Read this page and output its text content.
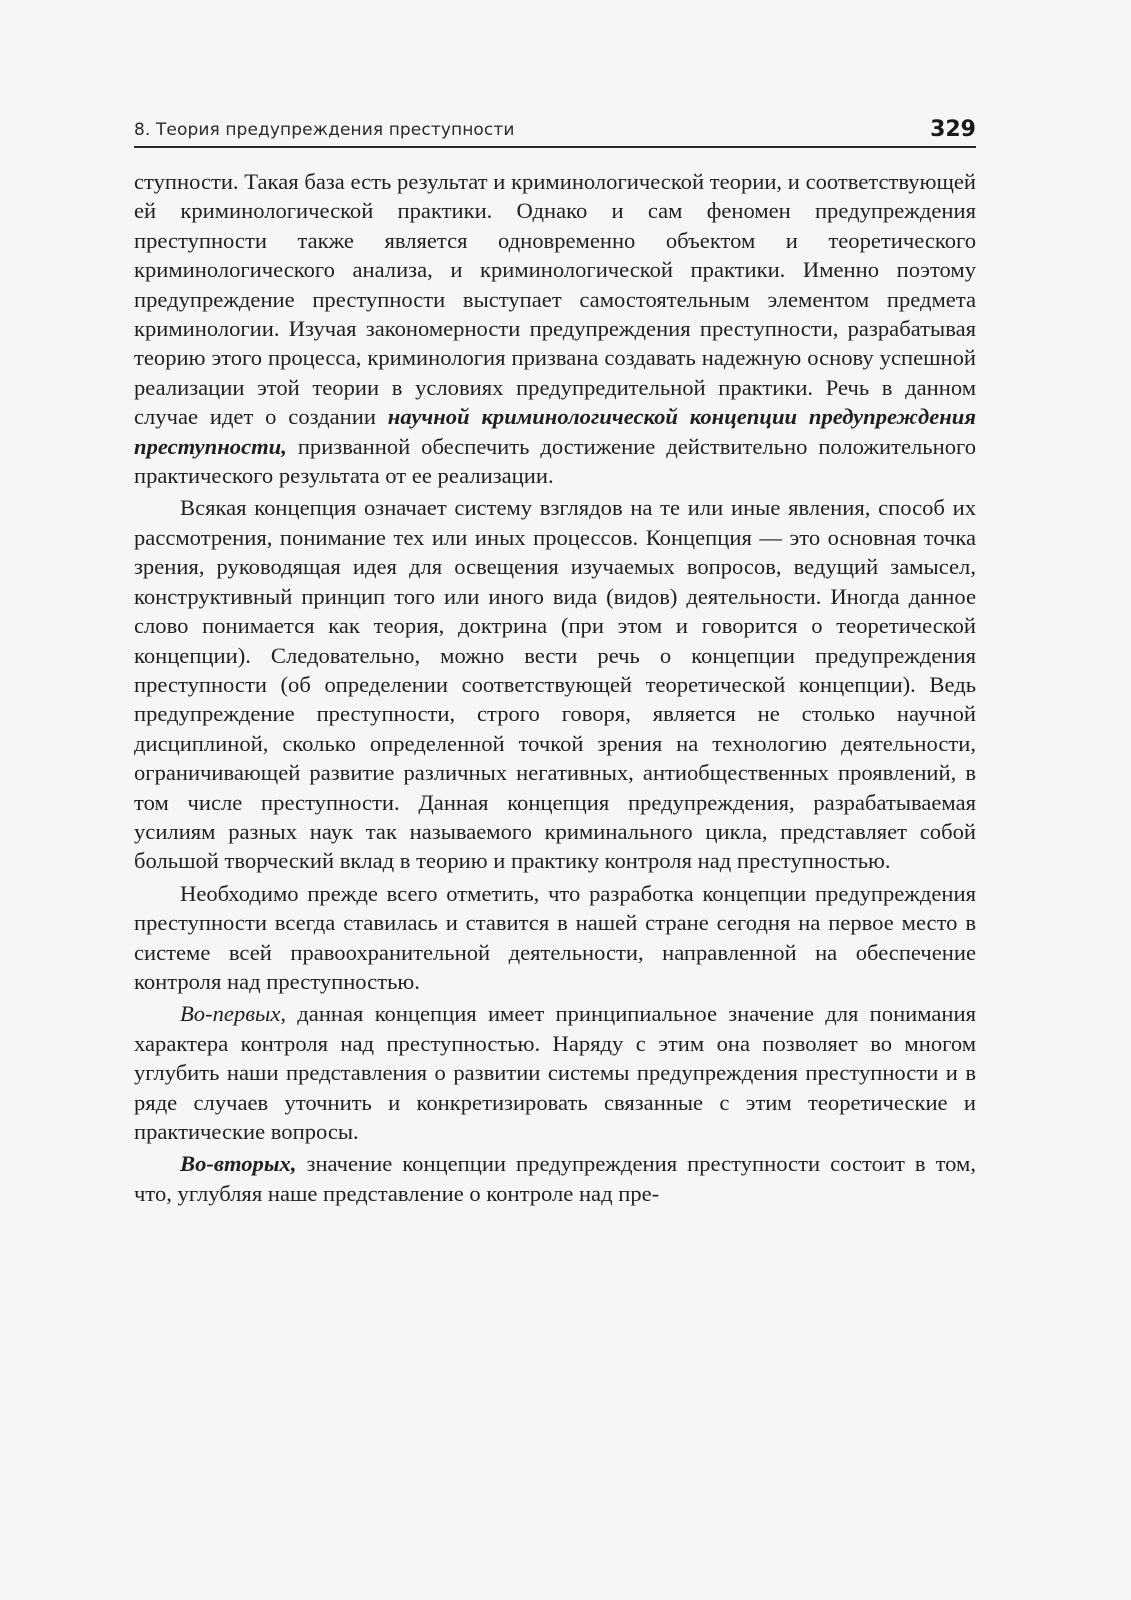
8. Теория предупреждения преступности	329

ступности. Такая база есть результат и криминологической теории, и соответствующей ей криминологической практики. Однако и сам феномен предупреждения преступности также является одновременно объектом и теоретического криминологического анализа, и криминологической практики. Именно поэтому предупреждение преступности выступает самостоятельным элементом предмета криминологии. Изучая закономерности предупреждения преступности, разрабатывая теорию этого процесса, криминология призвана создавать надежную основу успешной реализации этой теории в условиях предупредительной практики. Речь в данном случае идет о создании научной криминологической концепции предупреждения преступности, призванной обеспечить достижение действительно положительного практического результата от ее реализации.

Всякая концепция означает систему взглядов на те или иные явления, способ их рассмотрения, понимание тех или иных процессов. Концепция — это основная точка зрения, руководящая идея для освещения изучаемых вопросов, ведущий замысел, конструктивный принцип того или иного вида (видов) деятельности. Иногда данное слово понимается как теория, доктрина (при этом и говорится о теоретической концепции). Следовательно, можно вести речь о концепции предупреждения преступности (об определении соответствующей теоретической концепции). Ведь предупреждение преступности, строго говоря, является не столько научной дисциплиной, сколько определенной точкой зрения на технологию деятельности, ограничивающей развитие различных негативных, антиобщественных проявлений, в том числе преступности. Данная концепция предупреждения, разрабатываемая усилиям разных наук так называемого криминального цикла, представляет собой большой творческий вклад в теорию и практику контроля над преступностью.

Необходимо прежде всего отметить, что разработка концепции предупреждения преступности всегда ставилась и ставится в нашей стране сегодня на первое место в системе всей правоохранительной деятельности, направленной на обеспечение контроля над преступностью.

Во-первых, данная концепция имеет принципиальное значение для понимания характера контроля над преступностью. Наряду с этим она позволяет во многом углубить наши представления о развитии системы предупреждения преступности и в ряде случаев уточнить и конкретизировать связанные с этим теоретические и практические вопросы.

Во-вторых, значение концепции предупреждения преступности состоит в том, что, углубляя наше представление о контроле над пре-
